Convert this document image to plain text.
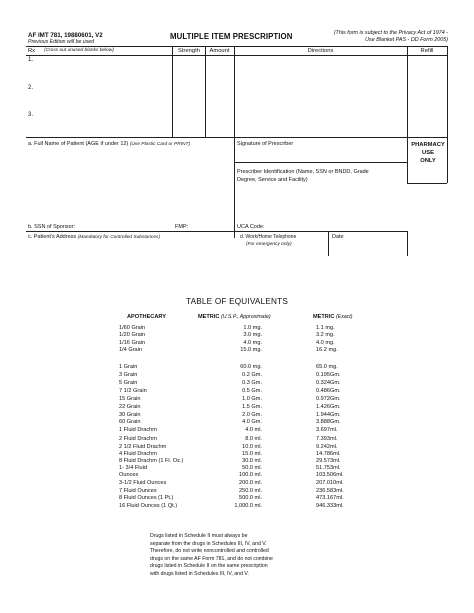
AF IMT 781, 19880601, V2
Previous Edition will be used
MULTIPLE ITEM PRESCRIPTION	(This form is subject to the Privacy Act of 1974 -
Use Blanket PAS - DD Form 2005)
Rx (Cross out unused blanks below)	Strength	Amount	Directions	Refill
1.
2.
3.
a. Full Name of Patient (AGE if under 12) (Use Plastic Card or PRINT)	Signature of Prescriber	PHARMACY
USE
ONLY
Prescriber Identification (Name, SSN or BNDD, Grade
Degree, Service and Facility)
b. SSN of Sponsor:	FMP:	UCA Code:
c. Patient's Address (Mandatory for Controlled Substances)	d. Work/Home Telephone
(For emergency only)
Date
TABLE OF EQUIVALENTS
APOTHECARY	METRIC (U.S.P., Approximate)	METRIC (Exact)
1/60 Grain	1.0 mg.	1.1 mg.
1/20 Grain	3.0 mg.	3.2 mg.
1/16 Grain	4.0 mg.	4.0 mg.
1/4 Grain	15.0 mg.	16.2 mg.
1 Grain	60.0 mg.	65.0 mg.
3 Grain	0.2 Gm.	0.195Gm.
5 Grain	0.3 Gm.	0.324Gm.
7 1/2 Grain	0.5 Gm.	0.486Gm.
15 Grain	1.0 Gm.	0.972Gm.
22 Grain	1.5 Gm.	1.426Gm.
30 Grain	2.0 Gm.	1.944Gm.
60 Grain	4.0 Gm.	3.888Gm.
1 Fluid Drachm	4.0 ml.	3.697ml.
2 Fluid Drachm	8.0 ml.	7.393ml.
2 1/2 Fluid Drachm	10.0 ml.	9.242ml.
4 Fluid Drachm	15.0 ml.	14.786ml.
8 Fluid Drachm (1 Fl. Oz.)	30.0 ml.	29.573ml.
1- 3/4 Fluid	50.0 ml.	51.753ml.
Ounces	100.0 ml.	103.506ml.
3-1/2 Fluid Ounces	200.0 ml.	207.010ml.
7 Fluid Ounces	250.0 ml.	236.583ml.
8 Fluid Ounces (1 Pt.)	500.0 ml.	473.167ml.
16 Fluid Ounces (1 Qt.)	1,000.0 ml.	946.333ml.
Drugs listed in Schedule II must always be
separate from the drugs in Schedules III, IV, and V.
Therefore, do not write noncontrolled and controlled
drugs on the same AF Form 781, and do not combine
drugs listed in Schedule II on the same prescription
with drugs listed in Schedules III, IV, and V.
